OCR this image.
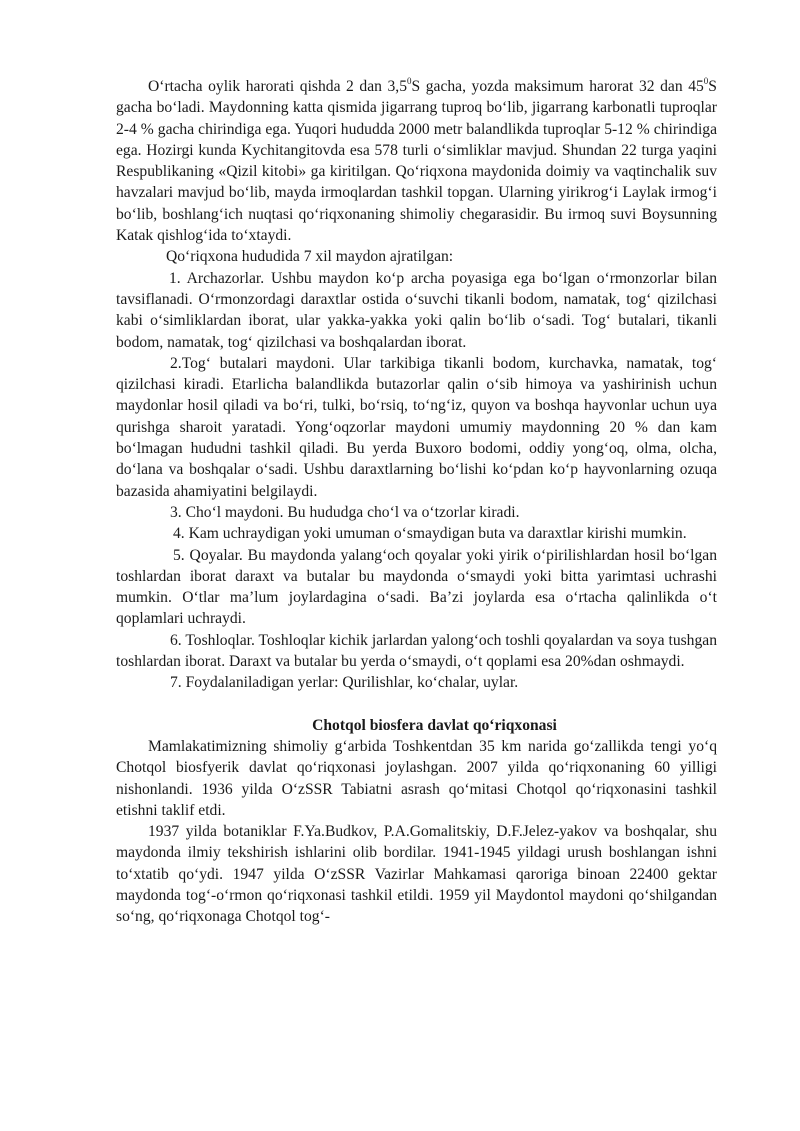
O‘rtacha oylik harorati qishda 2 dan $3,5^0S$ gacha, yozda maksimum harorat 32 dan $45^0S$ gacha bo‘ladi. Maydonning katta qismida jigarrang tuproq bo‘lib, jigarrang karbonatli tuproqlar 2-4 % gacha chirindiga ega. Yuqori hududda 2000 metr balandlikda tuproqlar 5-12 % chirindiga ega. Hozirgi kunda Kychitangitovda esa 578 turli o‘simliklar mavjud. Shundan 22 turga yaqini Respublikaning «Qizil kitobi» ga kiritilgan. Qo‘riqxona maydonida doimiy va vaqtinchalik suv havzalari mavjud bo‘lib, mayda irmoqlardan tashkil topgan. Ularning yirikrog‘i Laylak irmog‘i bo‘lib, boshlang‘ich nuqtasi qo‘riqxonaning shimoliy chegarasidir. Bu irmoq suvi Boysunning Katak qishlog‘ida to‘xtaydi.

Qo‘riqxona hududida 7 xil maydon ajratilgan:

1. Archazorlar. Ushbu maydon ko‘p archa poyasiga ega bo‘lgan o‘rmonzorlar bilan tavsiflanadi. O‘rmonzordagi daraxtlar ostida o‘suvchi tikanli bodom, namatak, tog‘ qizilchasi kabi o‘simliklardan iborat, ular yakka-yakka yoki qalin bo‘lib o‘sadi. Tog‘ butalari, tikanli bodom, namatak, tog‘ qizilchasi va boshqalardan iborat.

2.Tog‘ butalari maydoni. Ular tarkibiga tikanli bodom, kurchavka, namatak, tog‘ qizilchasi kiradi. Etarlicha balandlikda butazorlar qalin o‘sib himoya va yashirinish uchun maydonlar hosil qiladi va bo‘ri, tulki, bo‘rsiq, to‘ng‘iz, quyon va boshqa hayvonlar uchun uya qurishga sharoit yaratadi. Yong‘oqzorlar maydoni umumiy maydonning 20 % dan kam bo‘lmagan hududni tashkil qiladi. Bu yerda Buxoro bodomi, oddiy yong‘oq, olma, olcha, do‘lana va boshqalar o‘sadi. Ushbu daraxtlarning bo‘lishi ko‘pdan ko‘p hayvonlarning ozuqa bazasida ahamiyatini belgilaydi.

3. Cho‘l maydoni. Bu hududga cho‘l va o‘tzorlar kiradi.

4. Kam uchraydigan yoki umuman o‘smaydigan buta va daraxtlar kirishi mumkin.

5. Qoyalar. Bu maydonda yalang‘och qoyalar yoki yirik o‘pirilishlardan hosil bo‘lgan toshlardan iborat daraxt va butalar bu maydonda o‘smaydi yoki bitta yarimtasi uchrashi mumkin. O‘tlar ma’lum joylardagina o‘sadi. Ba’zi joylarda esa o‘rtacha qalinlikda o‘t qoplamlari uchraydi.

6. Toshloqlar. Toshloqlar kichik jarlardan yalong‘och toshli qoyalardan va soya tushgan toshlardan iborat. Daraxt va butalar bu yerda o‘smaydi, o‘t qoplami esa 20%dan oshmaydi.

7. Foydalaniladigan yerlar: Qurilishlar, ko‘chalar, uylar.

Chotqol biosfera davlat qo‘riqxonasi

Mamlakatimizning shimoliy g‘arbida Toshkentdan 35 km narida go‘zallikda tengi yo‘q Chotqol biosfyerik davlat qo‘riqxonasi joylashgan. 2007 yilda qo‘riqxonaning 60 yilligi nishonlandi. 1936 yilda O‘zSSR Tabiatni asrash qo‘mitasi Chotqol qo‘riqxonasini tashkil etishni taklif etdi.

1937 yilda botaniklar F.Ya.Budkov, P.A.Gomalitskiy, D.F.Jelez-yakov va boshqalar, shu maydonda ilmiy tekshirish ishlarini olib bordilar. 1941-1945 yildagi urush boshlangan ishni to‘xtatib qo‘ydi. 1947 yilda O‘zSSR Vazirlar Mahkamasi qaroriga binoan 22400 gektar maydonda tog‘-o‘rmon qo‘riqxonasi tashkil etildi. 1959 yil Maydontol maydoni qo‘shilgandan so‘ng, qo‘riqxonaga Chotqol tog‘-
